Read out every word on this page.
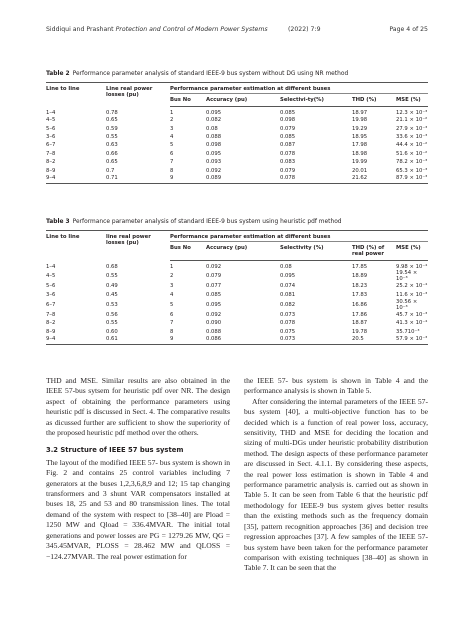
Siddiqui and Prashant Protection and Control of Modern Power Systems	(2022) 7:9	Page 4 of 25
Table 2 Performance parameter analysis of standard IEEE-9 bus system without DG using NR method
Line to line	Line real power losses (pu)	Performance parameter estimation at different buses				
		Bus No	Accuracy (pu)	Selectivi-ty(%)	THD (%)	MSE (%)
1–4	0.78	1	0.095	0.085	18.97	12.3 × 10⁻³
4–5	0.65	2	0.082	0.098	19.98	21.1 × 10⁻²
5–6	0.59	3	0.08	0.079	19.29	27.9 × 10⁻³
3–6	0.55	4	0.088	0.085	18.95	33.6 × 10⁻³
6–7	0.63	5	0.098	0.087	17.98	44.4 × 10⁻²
7–8	0.66	6	0.095	0.078	18.98	51.6 × 10⁻²
8–2	0.65	7	0.093	0.083	19.99	78.2 × 10⁻³
8–9	0.7	8	0.092	0.079	20.01	65.3 × 10⁻³
9–4	0.71	9	0.089	0.078	21.62	87.9 × 10⁻³
Table 3 Performance parameter analysis of standard IEEE-9 bus system using heuristic pdf method
Line to line	line real power losses (pu)	Performance parameter estimation at different buses				
		Bus No	Accuracy (pu)	Selectivity (%)	THD (%) of real power	MSE (%)
1–4	0.68	1	0.092	0.08	17.85	9.98 × 10⁻⁴
4–5	0.55	2	0.079	0.095	18.89	19.54 × 10⁻³
5–6	0.49	3	0.077	0.074	18.23	25.2 × 10⁻⁴
3–6	0.45	4	0.085	0.081	17.83	11.6 × 10⁻³
6–7	0.53	5	0.095	0.082	16.86	30.56 × 10⁻³
7–8	0.56	6	0.092	0.073	17.86	45.7 × 10⁻³
8–2	0.55	7	0.090	0.078	18.87	41.3 × 10⁻⁴
8–9	0.60	8	0.088	0.075	19.78	35.710⁻³
9–4	0.61	9	0.086	0.073	20.5	57.9 × 10⁻³

THD and MSE. Similar results are also obtained in the IEEE 57-bus sytsem for heuristic pdf over NR. The design aspect of obtaining the performance parameters using heuristic pdf is discussed in Sect. 4. The comparative results as dicussed further are sufficient to show the superiority of the proposed heuristic pdf method over the others.

3.2 Structure of IEEE 57 bus system

The layout of the modified IEEE 57- bus system is shown in Fig. 2 and contains 25 control variables including 7 generators at the buses 1,2,3,6,8,9 and 12; 15 tap changing transformers and 3 shunt VAR compensators installed at buses 18, 25 and 53 and 80 transmission lines. The total demand of the system with respect to [38–40] are Pload = 1250 MW and Qload = 336.4MVAR. The initial total generations and power losses are PG = 1279.26 MW, QG = 345.45MVAR, PLOSS = 28.462 MW and QLOSS = −124.27MVAR. The real power estimation for

the IEEE 57- bus system is shown in Table 4 and the performance analysis is shown in Table 5.

After considering the internal parameters of the IEEE 57- bus system [40], a multi-objective function has to be decided which is a function of real power loss, accuracy, sensitivity, THD and MSE for deciding the location and sizing of multi-DGs under heuristic probability distribution method. The design aspects of these performance parameter are discussed in Sect. 4.1.1. By considering these aspects, the real power loss estimation is shown in Table 4 and performance parametric analysis is. carried out as shown in Table 5. It can be seen from Table 6 that the heuristic pdf methodology for IEEE-9 bus system gives better results than the existing methods such as the frequency domain [35], pattern recognition approaches [36] and decision tree regression approaches [37]. A few samples of the IEEE 57- bus system have been taken for the performance parameter comparison with existing techniques [38–40] as shown in Table 7. It can be seen that the
